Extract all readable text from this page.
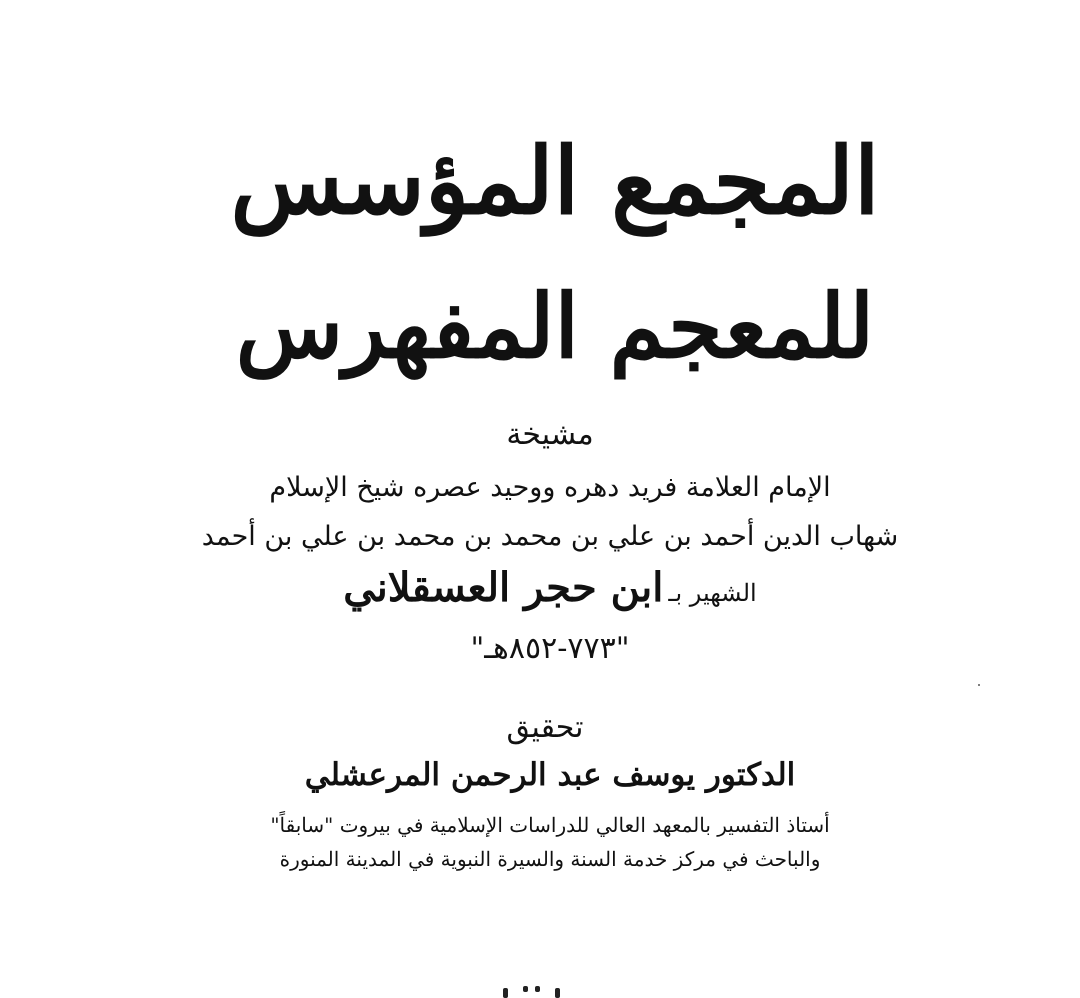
المجمع المؤسس
للمعجم المفهرس
مشيخة
الإمام العلامة فريد دهره ووحيد عصره شيخ الإسلام
شهاب الدين أحمد بن علي بن محمد بن محمد بن علي بن أحمد
الشهير بـ ابن حجر العسقلاني
"٧٧٣-٨٥٢هـ"
تحقيق
الدكتور يوسف عبد الرحمن المرعشلي
أستاذ التفسير بالمعهد العالي للدراسات الإسلامية في بيروت "سابقاً"
والباحث في مركز خدمة السنة والسيرة النبوية في المدينة المنورة
